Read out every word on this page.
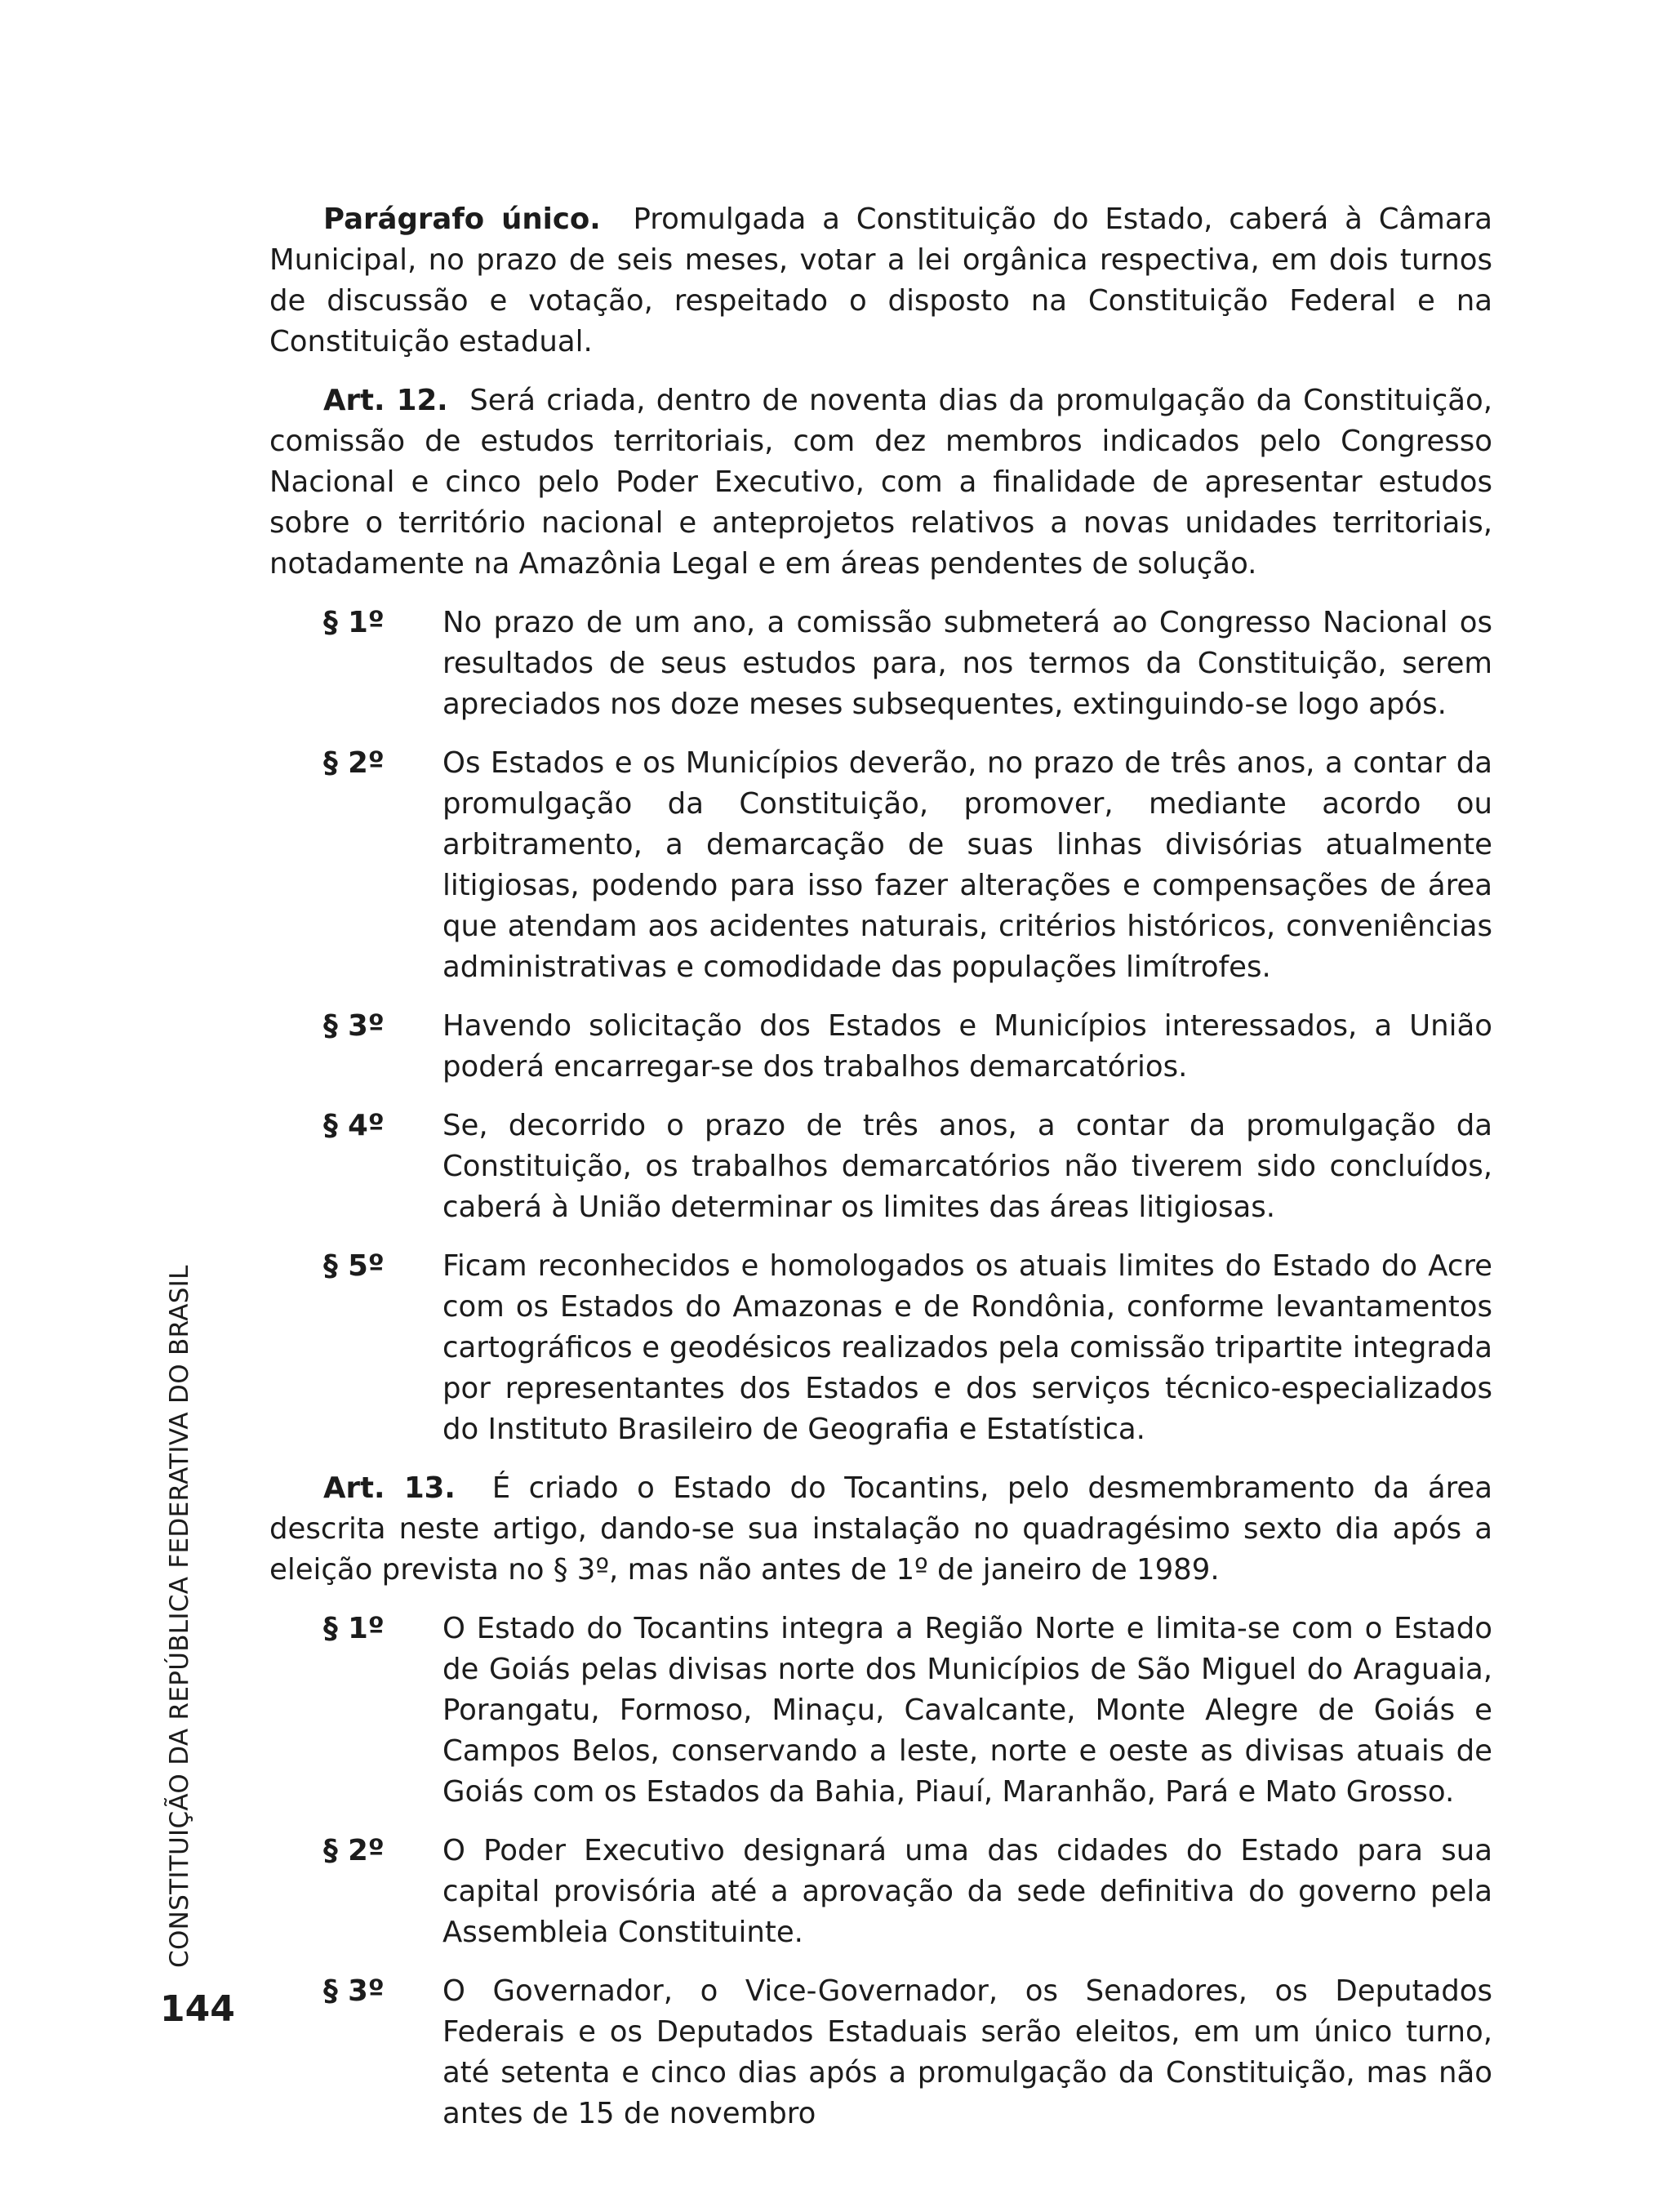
CONSTITUIÇÃO DA REPÚBLICA FEDERATIVA DO BRASIL
144

Parágrafo único. Promulgada a Constituição do Estado, caberá à Câmara Municipal, no prazo de seis meses, votar a lei orgânica respectiva, em dois turnos de discussão e votação, respeitado o disposto na Constituição Federal e na Constituição estadual.

Art. 12. Será criada, dentro de noventa dias da promulgação da Constituição, comissão de estudos territoriais, com dez membros indicados pelo Congresso Nacional e cinco pelo Poder Executivo, com a finalidade de apresentar estudos sobre o território nacional e anteprojetos relativos a novas unidades territoriais, notadamente na Amazônia Legal e em áreas pendentes de solução.

§ 1º	No prazo de um ano, a comissão submeterá ao Congresso Nacional os resultados de seus estudos para, nos termos da Constituição, serem apreciados nos doze meses subsequentes, extinguindo-se logo após.
§ 2º	Os Estados e os Municípios deverão, no prazo de três anos, a contar da promulgação da Constituição, promover, mediante acordo ou arbitramento, a demarcação de suas linhas divisórias atualmente litigiosas, podendo para isso fazer alterações e compensações de área que atendam aos acidentes naturais, critérios históricos, conveniências administrativas e comodidade das populações limítrofes.
§ 3º	Havendo solicitação dos Estados e Municípios interessados, a União poderá encarregar-se dos trabalhos demarcatórios.
§ 4º	Se, decorrido o prazo de três anos, a contar da promulgação da Constituição, os trabalhos demarcatórios não tiverem sido concluídos, caberá à União determinar os limites das áreas litigiosas.
§ 5º	Ficam reconhecidos e homologados os atuais limites do Estado do Acre com os Estados do Amazonas e de Rondônia, conforme levantamentos cartográficos e geodésicos realizados pela comissão tripartite integrada por representantes dos Estados e dos serviços técnico-especializados do Instituto Brasileiro de Geografia e Estatística.

Art. 13. É criado o Estado do Tocantins, pelo desmembramento da área descrita neste artigo, dando-se sua instalação no quadragésimo sexto dia após a eleição prevista no § 3º, mas não antes de 1º de janeiro de 1989.

§ 1º	O Estado do Tocantins integra a Região Norte e limita-se com o Estado de Goiás pelas divisas norte dos Municípios de São Miguel do Araguaia, Porangatu, Formoso, Minaçu, Cavalcante, Monte Alegre de Goiás e Campos Belos, conservando a leste, norte e oeste as divisas atuais de Goiás com os Estados da Bahia, Piauí, Maranhão, Pará e Mato Grosso.
§ 2º	O Poder Executivo designará uma das cidades do Estado para sua capital provisória até a aprovação da sede definitiva do governo pela Assembleia Constituinte.
§ 3º	O Governador, o Vice-Governador, os Senadores, os Deputados Federais e os Deputados Estaduais serão eleitos, em um único turno, até setenta e cinco dias após a promulgação da Constituição, mas não antes de 15 de novembro
